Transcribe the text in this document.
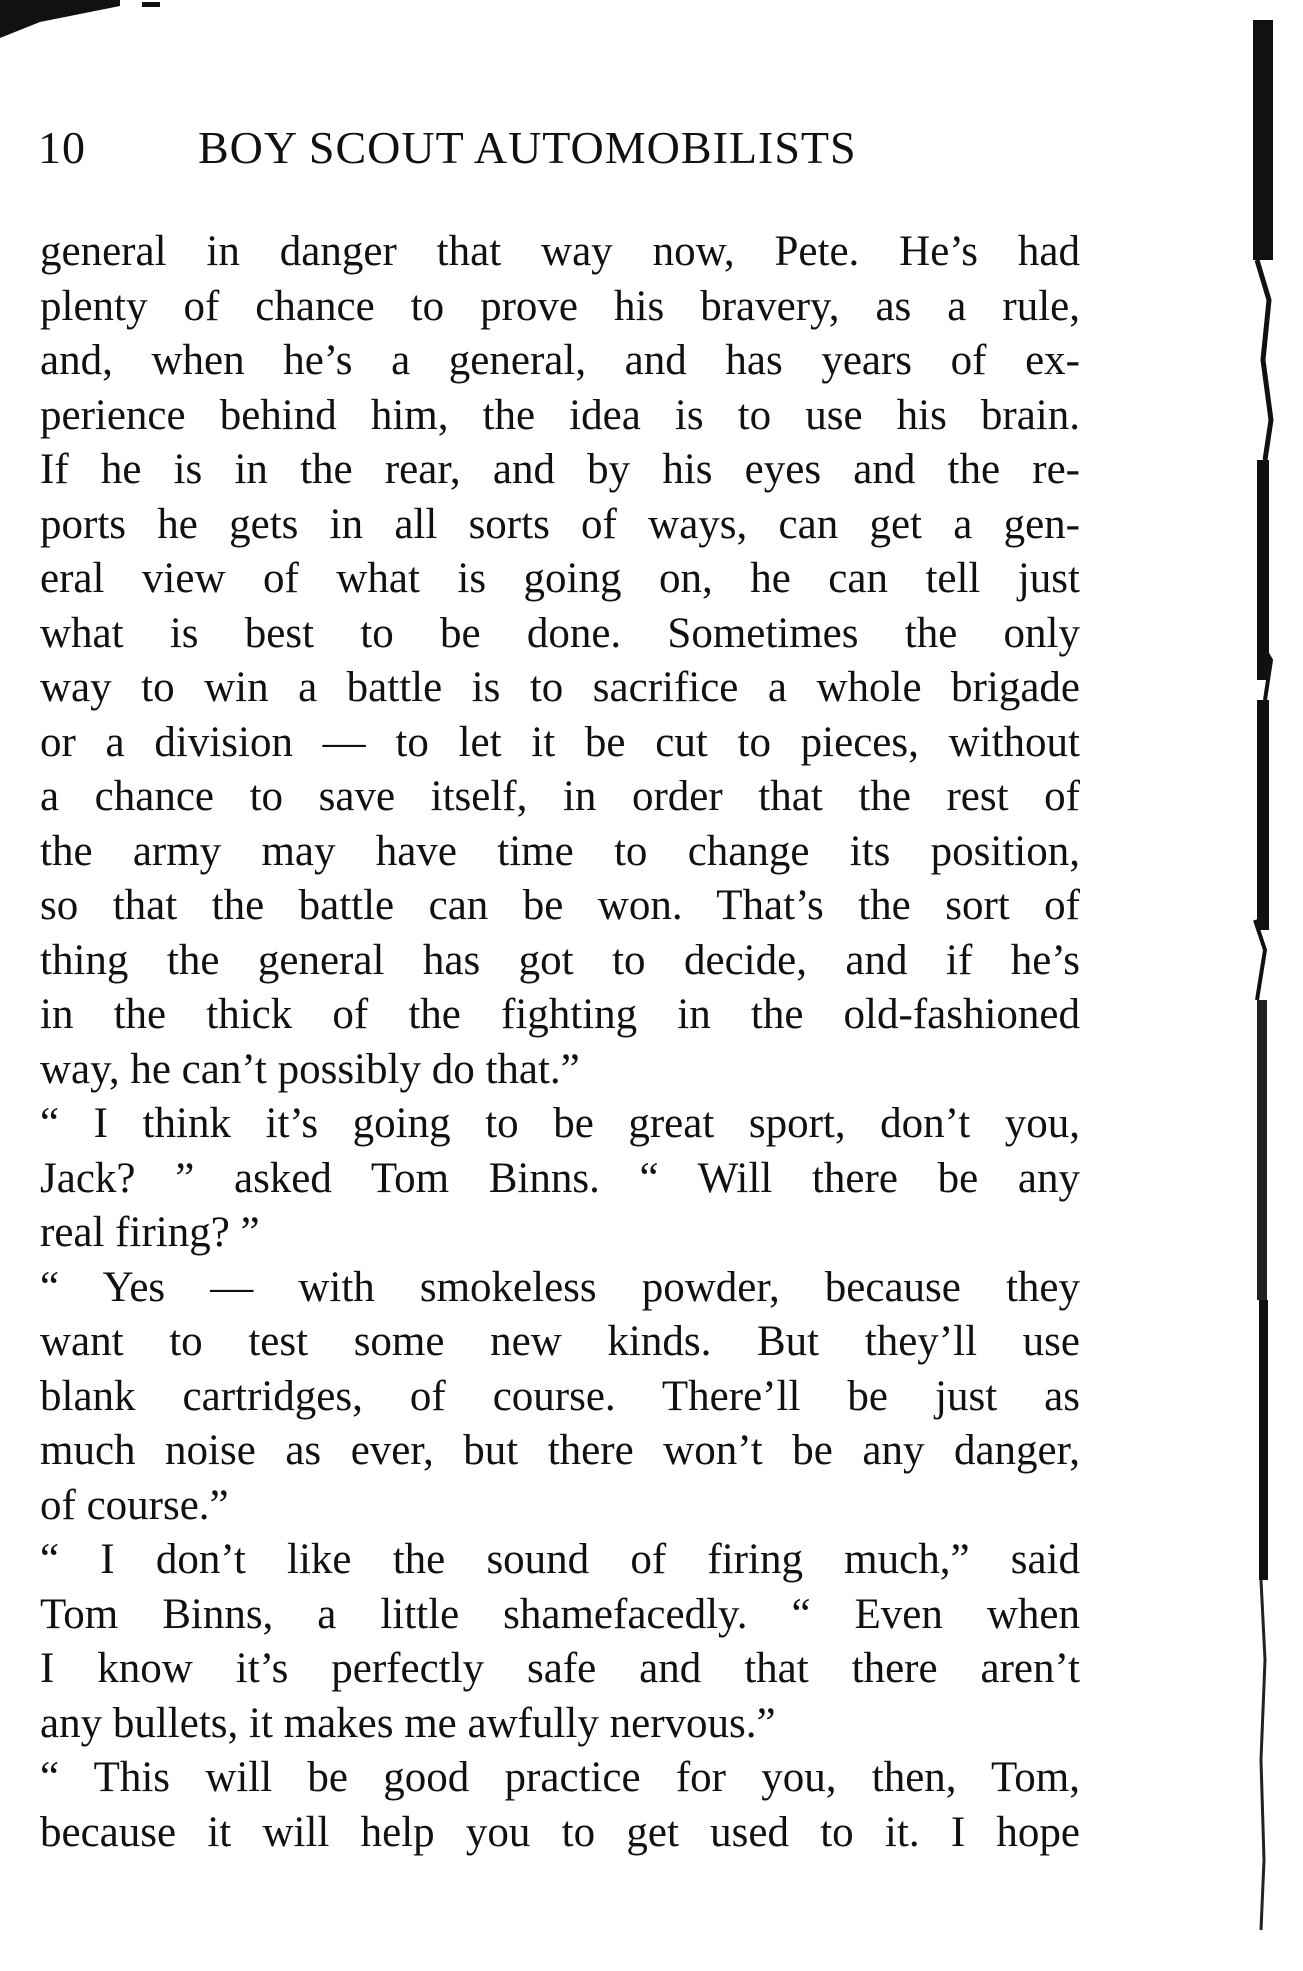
10 BOY SCOUT AUTOMOBILISTS
general in danger that way now, Pete. He’s had
plenty of chance to prove his bravery, as a rule,
and, when he’s a general, and has years of ex-
perience behind him, the idea is to use his brain.
If he is in the rear, and by his eyes and the re-
ports he gets in all sorts of ways, can get a gen-
eral view of what is going on, he can tell just
what is best to be done. Sometimes the only
way to win a battle is to sacrifice a whole brigade
or a division — to let it be cut to pieces, without
a chance to save itself, in order that the rest of
the army may have time to change its position,
so that the battle can be won. That’s the sort of
thing the general has got to decide, and if he’s
in the thick of the fighting in the old-fashioned
way, he can’t possibly do that.”
“ I think it’s going to be great sport, don’t you,
Jack? ” asked Tom Binns. “ Will there be any
real firing? ”
“ Yes — with smokeless powder, because they
want to test some new kinds. But they’ll use
blank cartridges, of course. There’ll be just as
much noise as ever, but there won’t be any danger,
of course.”
“ I don’t like the sound of firing much,” said
Tom Binns, a little shamefacedly. “ Even when
I know it’s perfectly safe and that there aren’t
any bullets, it makes me awfully nervous.”
“ This will be good practice for you, then, Tom,
because it will help you to get used to it. I hope
